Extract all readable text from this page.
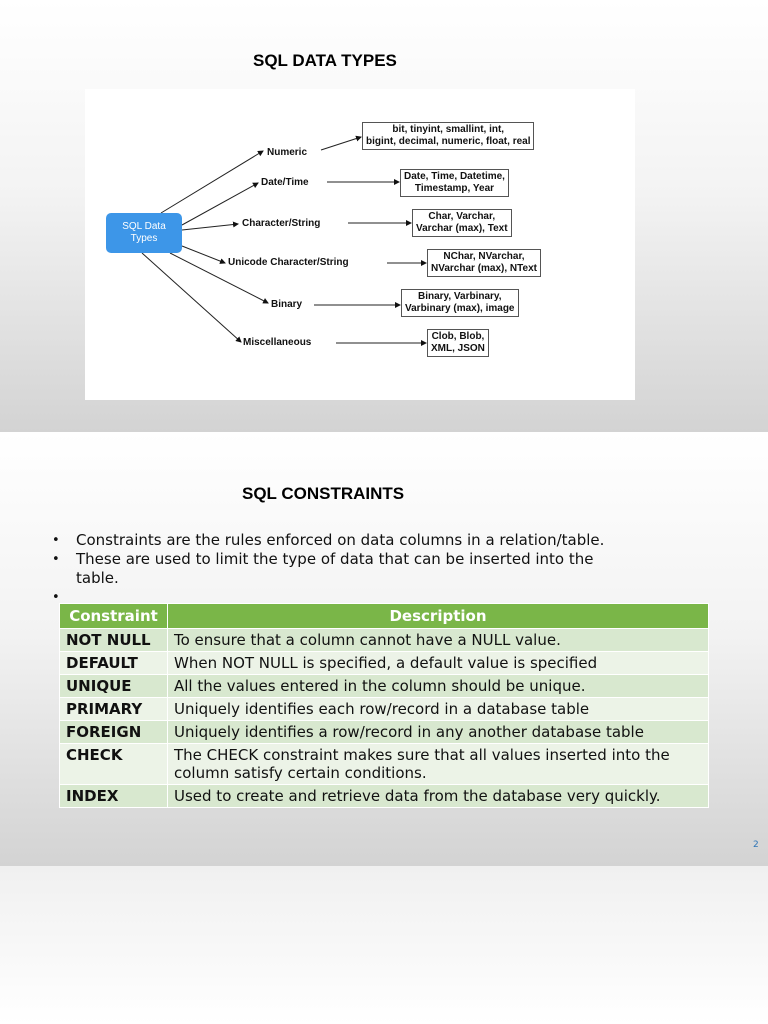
SQL DATA TYPES
SQL Data
Types
Numeric
Date/Time
Character/String
Unicode Character/String
Binary
Miscellaneous
bit, tinyint, smallint, int,
bigint, decimal, numeric, float, real
Date, Time, Datetime,
Timestamp, Year
Char, Varchar,
Varchar (max), Text
NChar, NVarchar,
NVarchar (max), NText
Binary, Varbinary,
Varbinary (max), image
Clob, Blob,
XML, JSON
SQL CONSTRAINTS
• Constraints are the rules enforced on data columns in a relation/table.
• These are used to limit the type of data that can be inserted into the table.
•
Constraint	Description
NOT NULL	To ensure that a column cannot have a NULL value.
DEFAULT	When NOT NULL is specified, a default value is specified
UNIQUE	All the values entered in the column should be unique.
PRIMARY	Uniquely identifies each row/record in a database table
FOREIGN	Uniquely identifies a row/record in any another database table
CHECK	The CHECK constraint makes sure that all values inserted into the column satisfy certain conditions.
INDEX	Used to create and retrieve data from the database very quickly.
2
